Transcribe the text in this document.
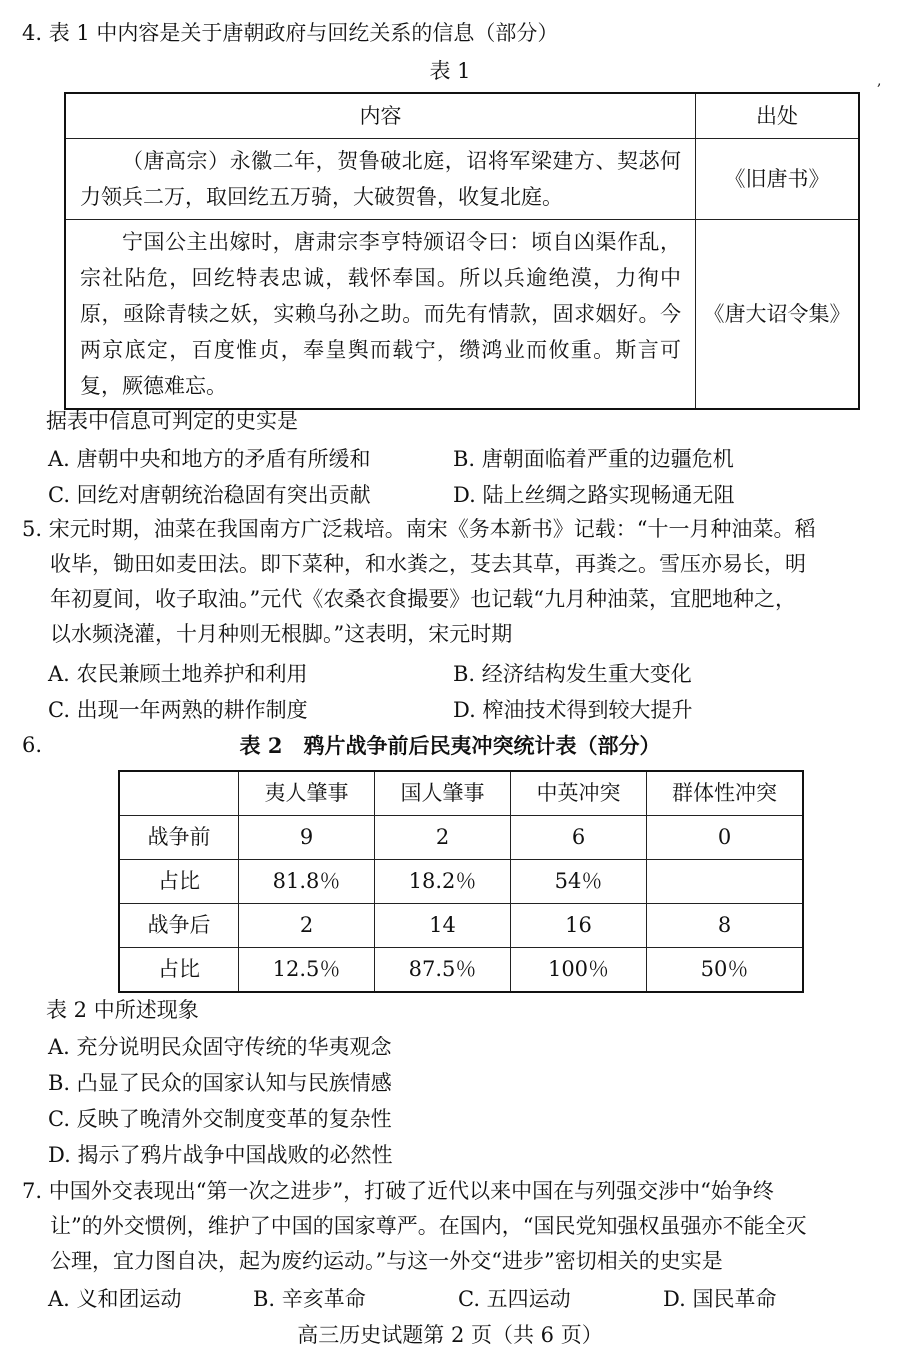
4. 表 1 中内容是关于唐朝政府与回纥关系的信息（部分）
表 1	,
内容	出处

（唐高宗）永徽二年，贺鲁破北庭，诏将军梁建方、契苾何力领兵二万，取回纥五万骑，大破贺鲁，收复北庭。	《旧唐书》

宁国公主出嫁时，唐肃宗李亨特颁诏令曰：顷自凶渠作乱，宗社阽危，回纥特表忠诚，载怀奉国。所以兵逾绝漠，力徇中原，亟除青犊之妖，实赖乌孙之助。而先有情款，固求姻好。今两京底定，百度惟贞，奉皇舆而载宁，缵鸿业而攸重。斯言可复，厥德难忘。	《唐大诏令集》
据表中信息可判定的史实是
A. 唐朝中央和地方的矛盾有所缓和	B. 唐朝面临着严重的边疆危机
C. 回纥对唐朝统治稳固有突出贡献	D. 陆上丝绸之路实现畅通无阻
5. 宋元时期，油菜在我国南方广泛栽培。南宋《务本新书》记载：“十一月种油菜。稻
收毕，锄田如麦田法。即下菜种，和水粪之，芟去其草，再粪之。雪压亦易长，明
年初夏间，收子取油。”元代《农桑衣食撮要》也记载“九月种油菜，宜肥地种之，
以水频浇灌，十月种则无根脚。”这表明，宋元时期
A. 农民兼顾土地养护和利用	B. 经济结构发生重大变化
C. 出现一年两熟的耕作制度	D. 榨油技术得到较大提升
6.	表 2　鸦片战争前后民夷冲突统计表（部分）
	夷人肇事	国人肇事	中英冲突	群体性冲突
战争前	9	2	6	0
占比	81.8％	18.2％	54％	
战争后	2	14	16	8
占比	12.5％	87.5％	100％	50％
表 2 中所述现象
A. 充分说明民众固守传统的华夷观念
B. 凸显了民众的国家认知与民族情感
C. 反映了晚清外交制度变革的复杂性
D. 揭示了鸦片战争中国战败的必然性
7. 中国外交表现出“第一次之进步”，打破了近代以来中国在与列强交涉中“始争终
让”的外交惯例，维护了中国的国家尊严。在国内，“国民党知强权虽强亦不能全灭
公理，宜力图自决，起为废约运动。”与这一外交“进步”密切相关的史实是
A. 义和团运动	B. 辛亥革命	C. 五四运动	D. 国民革命
高三历史试题第 2 页（共 6 页）
